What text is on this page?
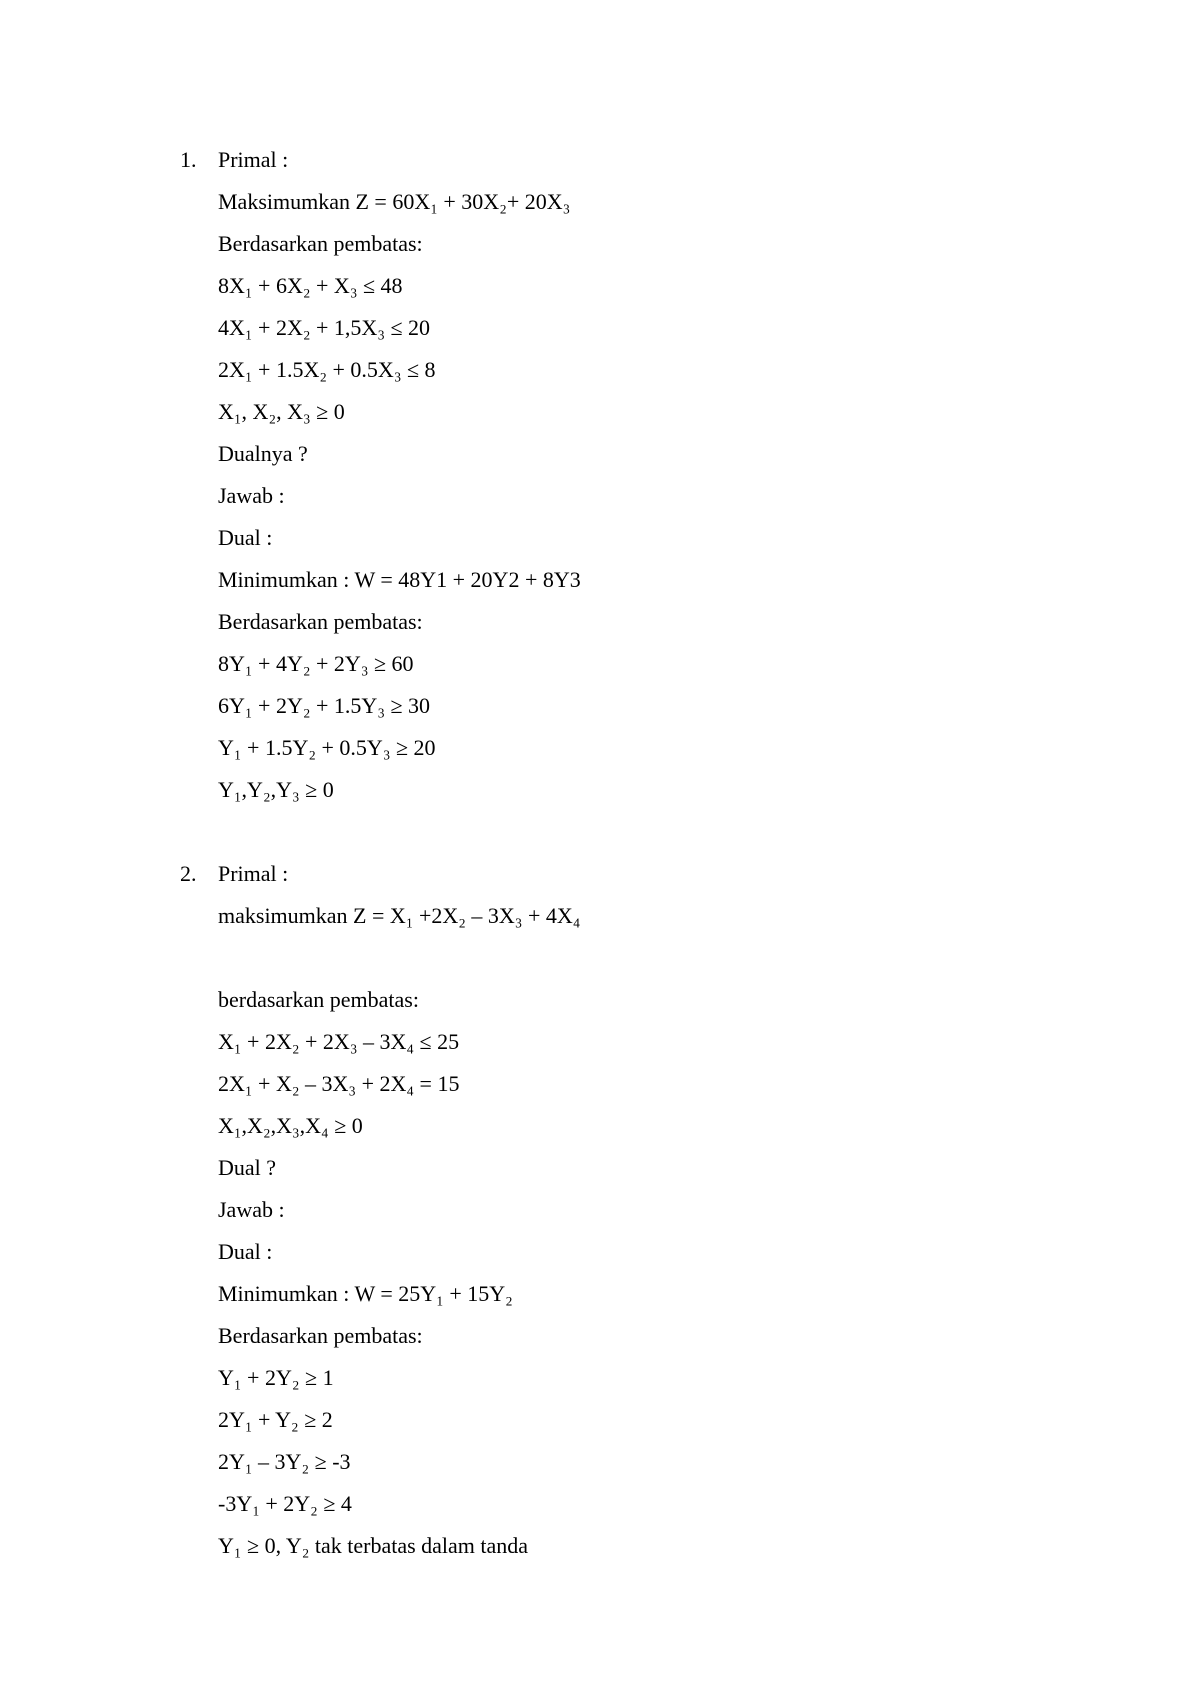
1. Primal :
Maksimumkan Z = 60X₁ + 30X₂+ 20X₃
Berdasarkan pembatas:
8X₁ + 6X₂ + X₃ ≤ 48
4X₁ + 2X₂ + 1,5X₃ ≤ 20
2X₁ + 1.5X₂ + 0.5X₃ ≤ 8
X₁, X₂, X₃ ≥ 0
Dualnya ?
Jawab :
Dual :
Minimumkan : W = 48Y1 + 20Y2 + 8Y3
Berdasarkan pembatas:
8Y₁ + 4Y₂ + 2Y₃ ≥ 60
6Y₁ + 2Y₂ + 1.5Y₃ ≥ 30
Y₁ + 1.5Y₂ + 0.5Y₃ ≥ 20
Y₁,Y₂,Y₃ ≥ 0
2. Primal :
maksimumkan Z = X₁ +2X₂ – 3X₃ + 4X₄
berdasarkan pembatas:
X₁ + 2X₂ + 2X₃ – 3X₄ ≤ 25
2X₁ + X₂ – 3X₃ + 2X₄ = 15
X₁,X₂,X₃,X₄ ≥ 0
Dual ?
Jawab :
Dual :
Minimumkan : W = 25Y₁ + 15Y₂
Berdasarkan pembatas:
Y₁ + 2Y₂ ≥ 1
2Y₁ + Y₂ ≥ 2
2Y₁ – 3Y₂ ≥ -3
-3Y₁ + 2Y₂ ≥ 4
Y₁ ≥ 0, Y₂ tak terbatas dalam tanda
